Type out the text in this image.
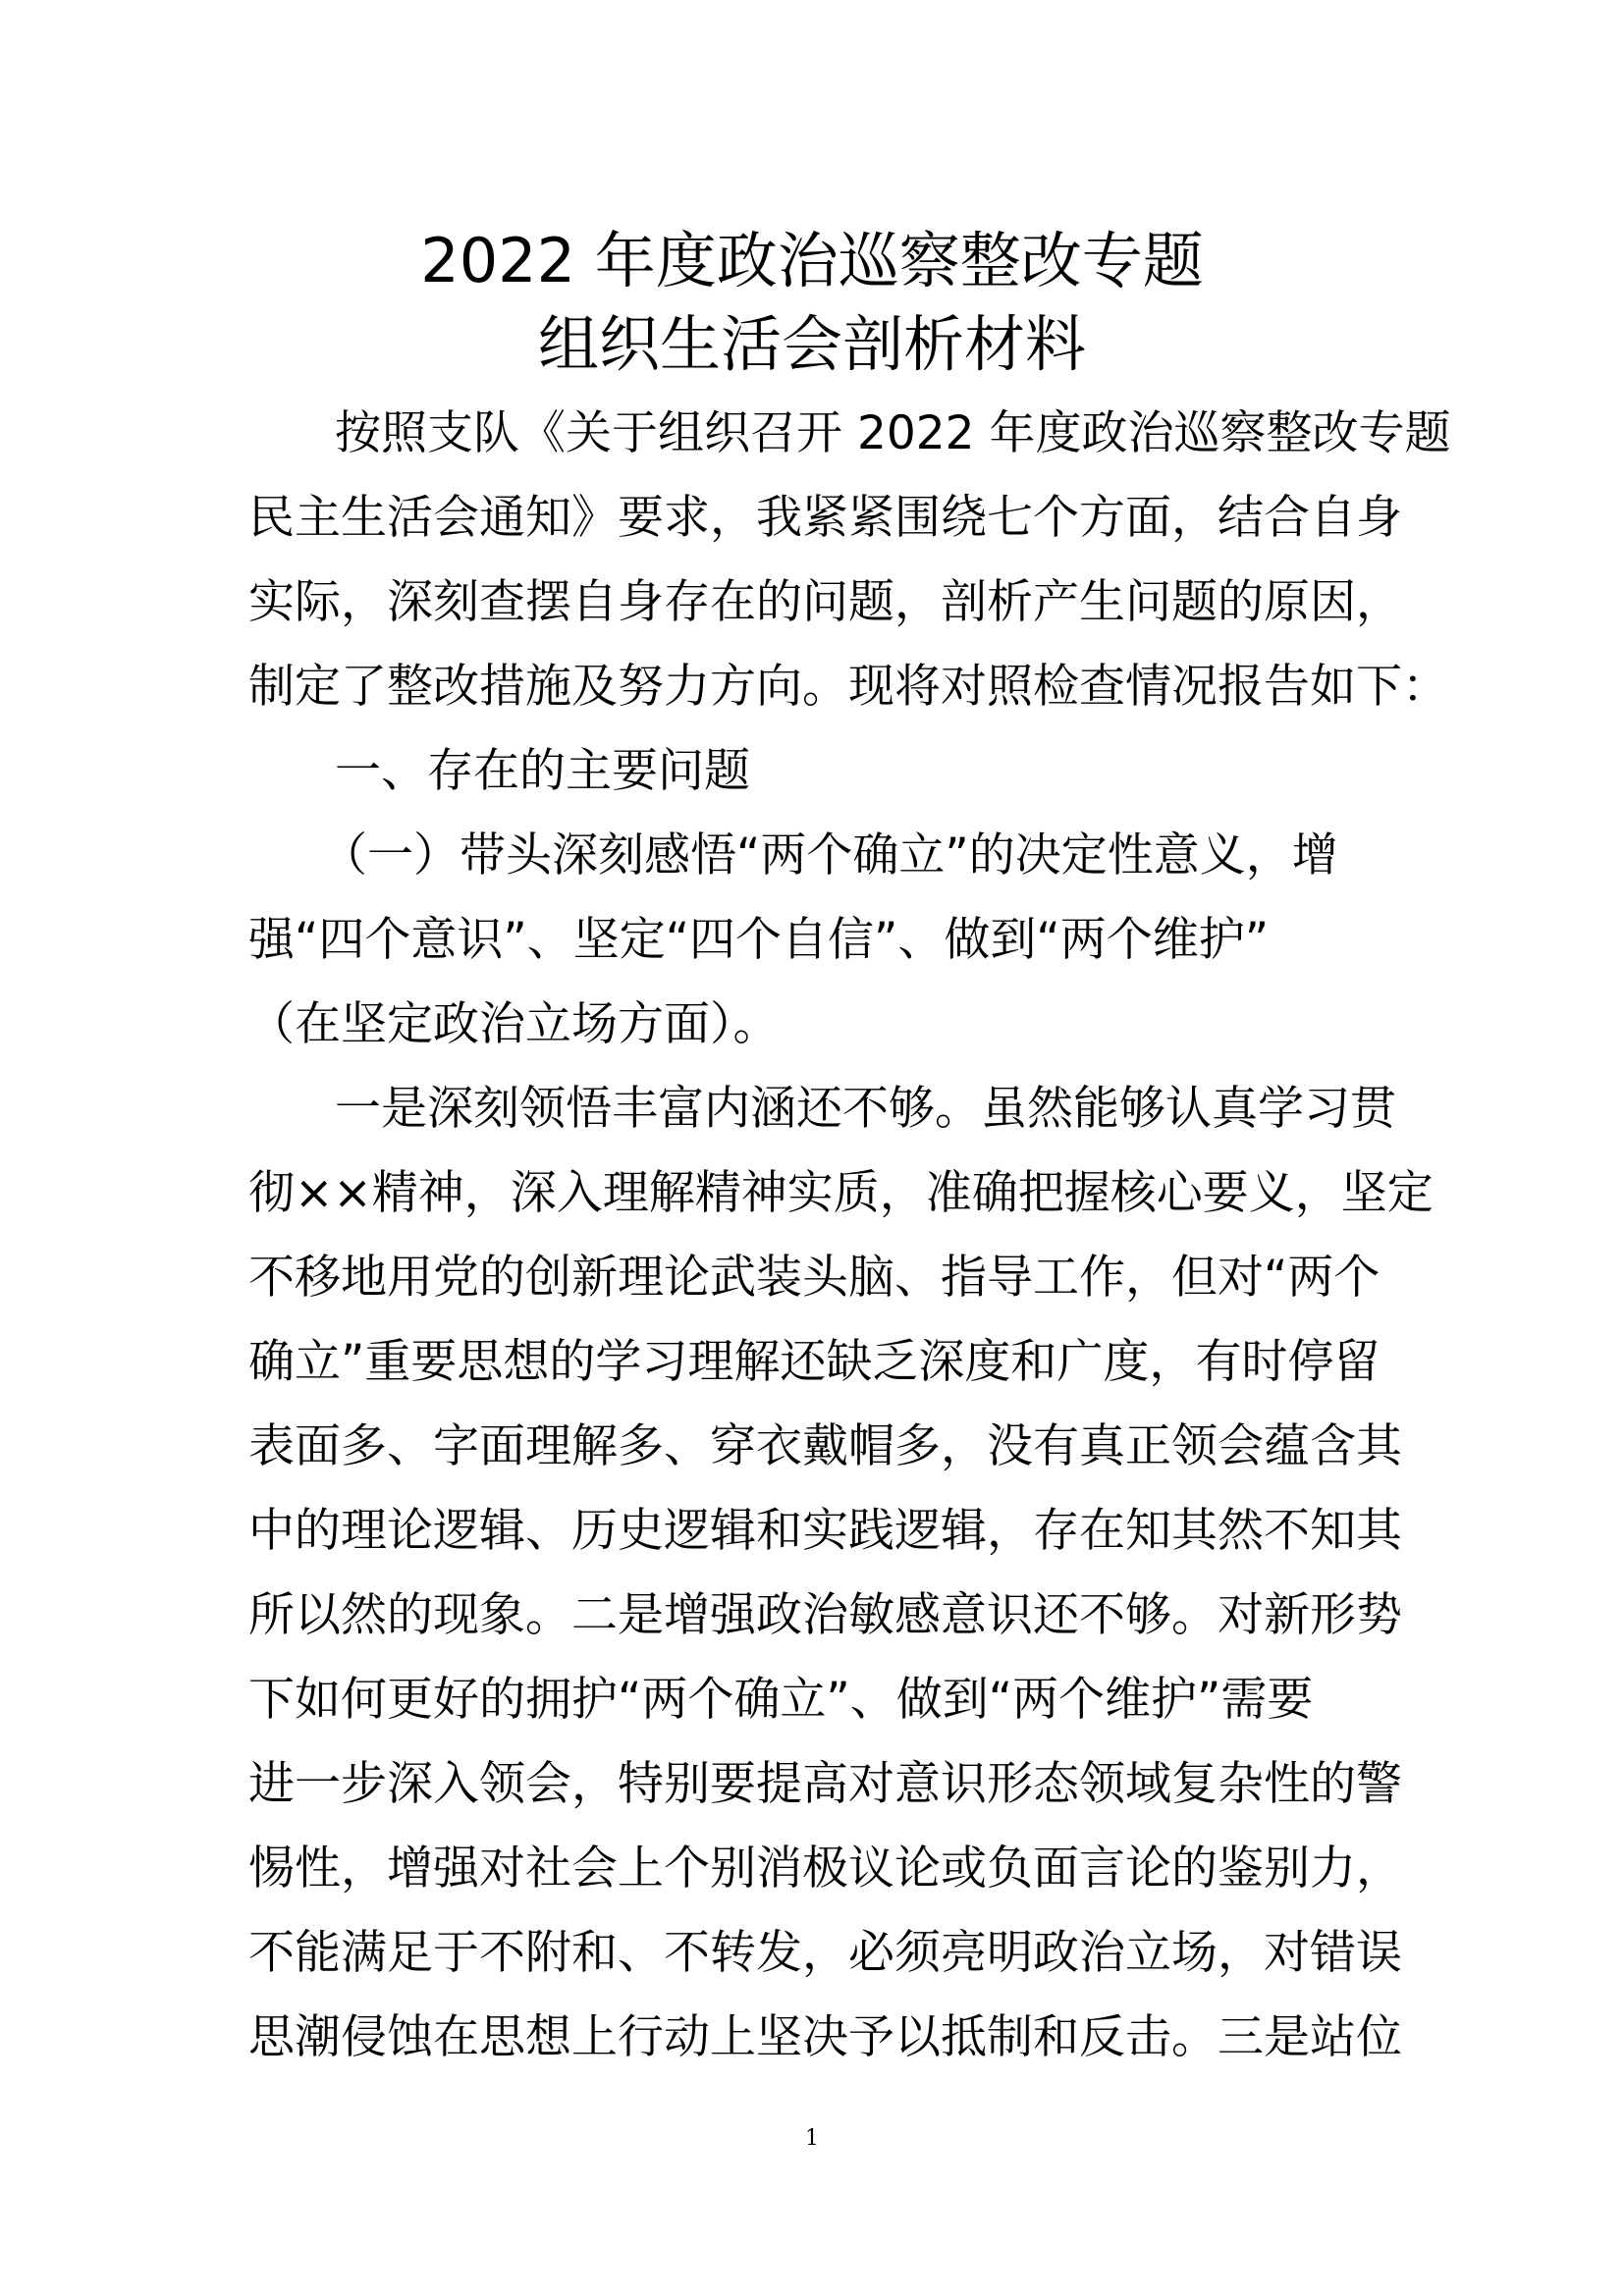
2022 年度政治巡察整改专题
组织生活会剖析材料
按照支队《关于组织召开 2022 年度政治巡察整改专题
民主生活会通知》要求，我紧紧围绕七个方面，结合自身
实际，深刻查摆自身存在的问题，剖析产生问题的原因，
制定了整改措施及努力方向。现将对照检查情况报告如下：
一、存在的主要问题
（一）带头深刻感悟“两个确立”的决定性意义，增
强“四个意识”、坚定“四个自信”、做到“两个维护”
（在坚定政治立场方面）。
一是深刻领悟丰富内涵还不够。虽然能够认真学习贯
彻××精神，深入理解精神实质，准确把握核心要义，坚定
不移地用党的创新理论武装头脑、指导工作，但对“两个
确立”重要思想的学习理解还缺乏深度和广度，有时停留
表面多、字面理解多、穿衣戴帽多，没有真正领会蕴含其
中的理论逻辑、历史逻辑和实践逻辑，存在知其然不知其
所以然的现象。二是增强政治敏感意识还不够。对新形势
下如何更好的拥护“两个确立”、做到“两个维护”需要
进一步深入领会，特别要提高对意识形态领域复杂性的警
惕性，增强对社会上个别消极议论或负面言论的鉴别力，
不能满足于不附和、不转发，必须亮明政治立场，对错误
思潮侵蚀在思想上行动上坚决予以抵制和反击。三是站位
1
